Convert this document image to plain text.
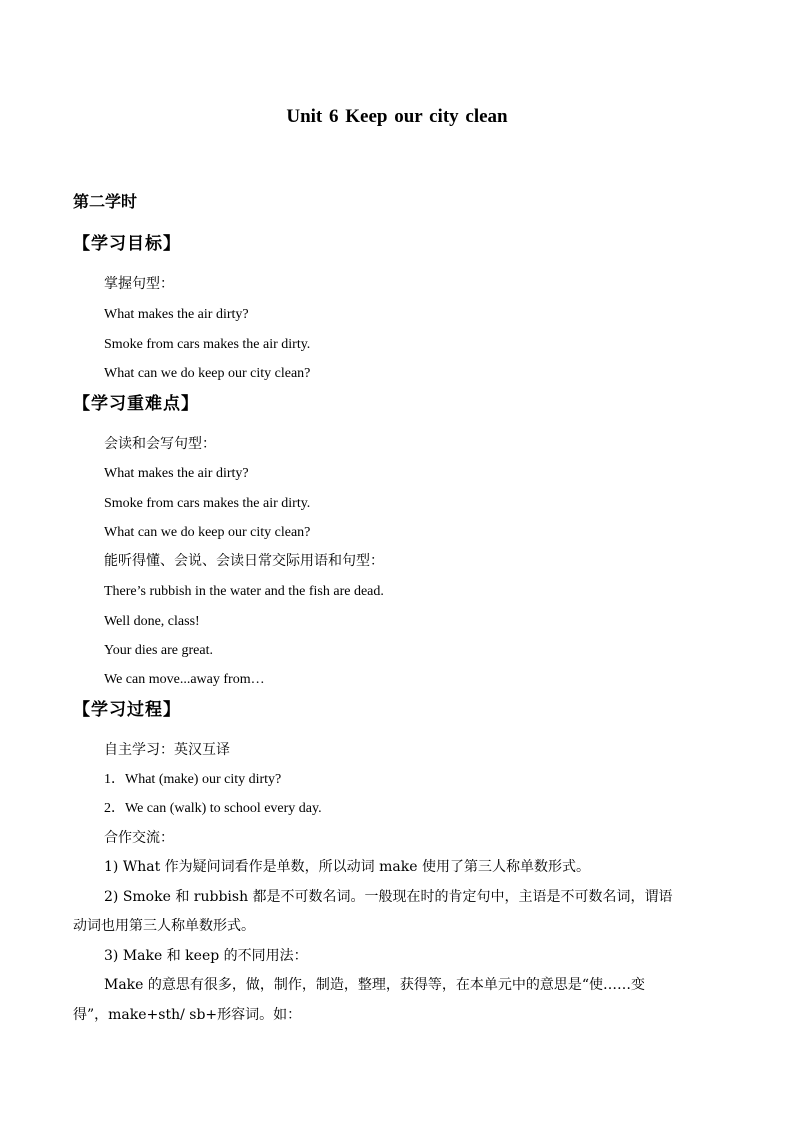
Unit 6 Keep our city clean
第二学时
【学习目标】
掌握句型：
What makes the air dirty?
Smoke from cars makes the air dirty.
What can we do keep our city clean?
【学习重难点】
会读和会写句型：
What makes the air dirty?
Smoke from cars makes the air dirty.
What can we do keep our city clean?
能听得懂、会说、会读日常交际用语和句型：
There’s rubbish in the water and the fish are dead.
Well done, class!
Your dies are great.
We can move...away from…
【学习过程】
自主学习：英汉互译
1．What (make) our city dirty?
2．We can (walk) to school every day.
合作交流：
1) What 作为疑问词看作是单数，所以动词 make 使用了第三人称单数形式。
2) Smoke 和 rubbish 都是不可数名词。一般现在时的肯定句中，主语是不可数名词，谓语
动词也用第三人称单数形式。
3) Make 和 keep 的不同用法：
Make 的意思有很多，做，制作，制造，整理，获得等，在本单元中的意思是“使……变
得”，make+sth/ sb+形容词。如：
